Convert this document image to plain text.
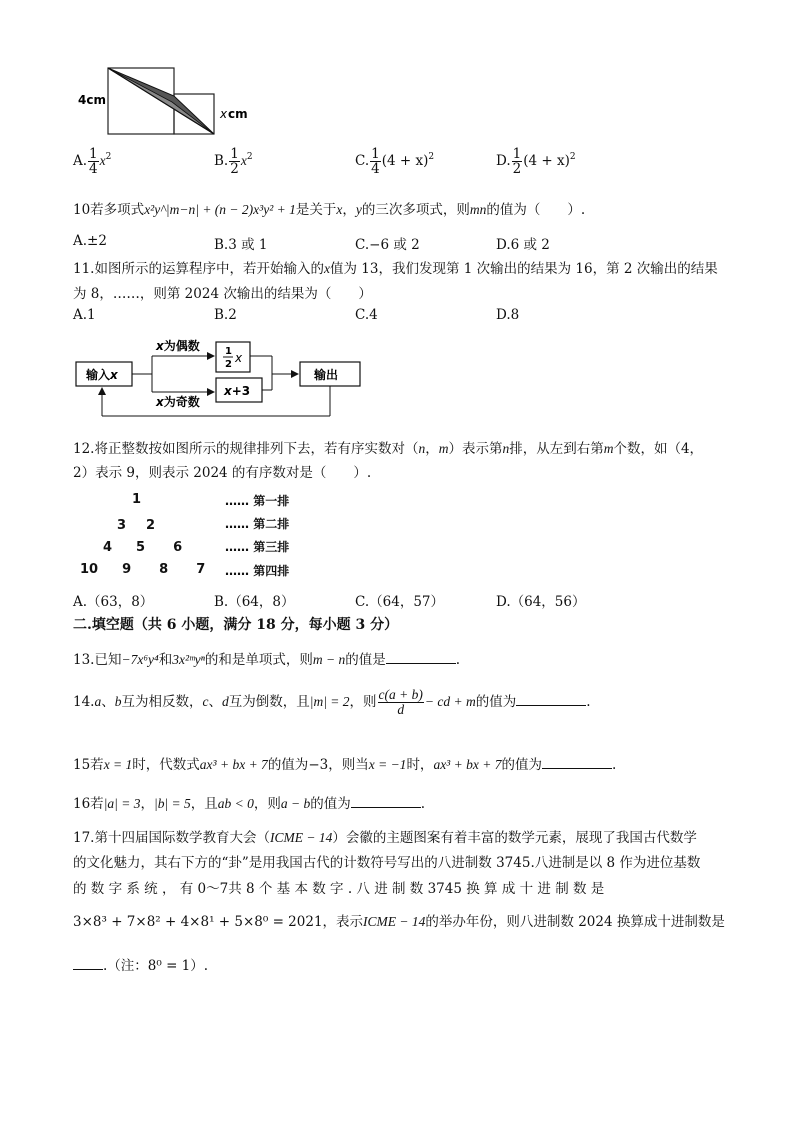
4cm
x cm
A. $\frac{1}{4} x^2$	B. $\frac{1}{2} x^2$	C. $\frac{1}{4} (4 + x)^2$	D. $\frac{1}{2} (4 + x)^2$
10若多项式x²y^|m−n| + (n − 2)x³y² + 1是关于x，y的三次多项式，则mn的值为（　　）.
A.±2	B.3 或 1	C.−6 或 2	D.6 或 2
11.如图所示的运算程序中，若开始输入的x值为 13，我们发现第 1 次输出的结果为 16，第 2 次输出的结果
为 8，……，则第 2024 次输出的结果为（　　）
A.1	B.2	C.4	D.8
输入x
x为偶数
x为奇数
1
2 x
x+3
输出
12.将正整数按如图所示的规律排列下去，若有序实数对（n，m）表示第n排，从左到右第m个数，如（4，
2）表示 9，则表示 2024 的有序数对是（　　）.
1
3 2
4 5 6
10 9 8 7
…… 第一排
…… 第二排
…… 第三排
…… 第四排
A.（63，8）	B.（64，8）	C.（64，57）	D.（64，56）
二.填空题（共 6 小题，满分 18 分，每小题 3 分）
13.已知−7x⁶y⁴和3x²ᵐyⁿ的和是单项式，则m − n的值是	.
14.a、b互为相反数，c、d互为倒数，且|m| = 2，则 $\frac{c(a + b)}{d}$ − cd + m的值为	.
15若x = 1时，代数式ax³ + bx + 7的值为−3，则当x = −1时，ax³ + bx + 7的值为	.
16若|a| = 3，|b| = 5，且ab < 0，则a − b的值为	.
17.第十四届国际数学教育大会（ICME − 14）会徽的主题图案有着丰富的数学元素，展现了我国古代数学
的文化魅力，其右下方的“卦”是用我国古代的计数符号写出的八进制数 3745.八进制是以 8 作为进位基数
的 数 字 系 统 ， 有 0～7共 8 个 基 本 数 字 . 八 进 制 数 3745 换 算 成 十 进 制 数 是
3×8³ + 7×8² + 4×8¹ + 5×8⁰ = 2021，表示ICME − 14的举办年份，则八进制数 2024 换算成十进制数是
.（注：8⁰ = 1）.
